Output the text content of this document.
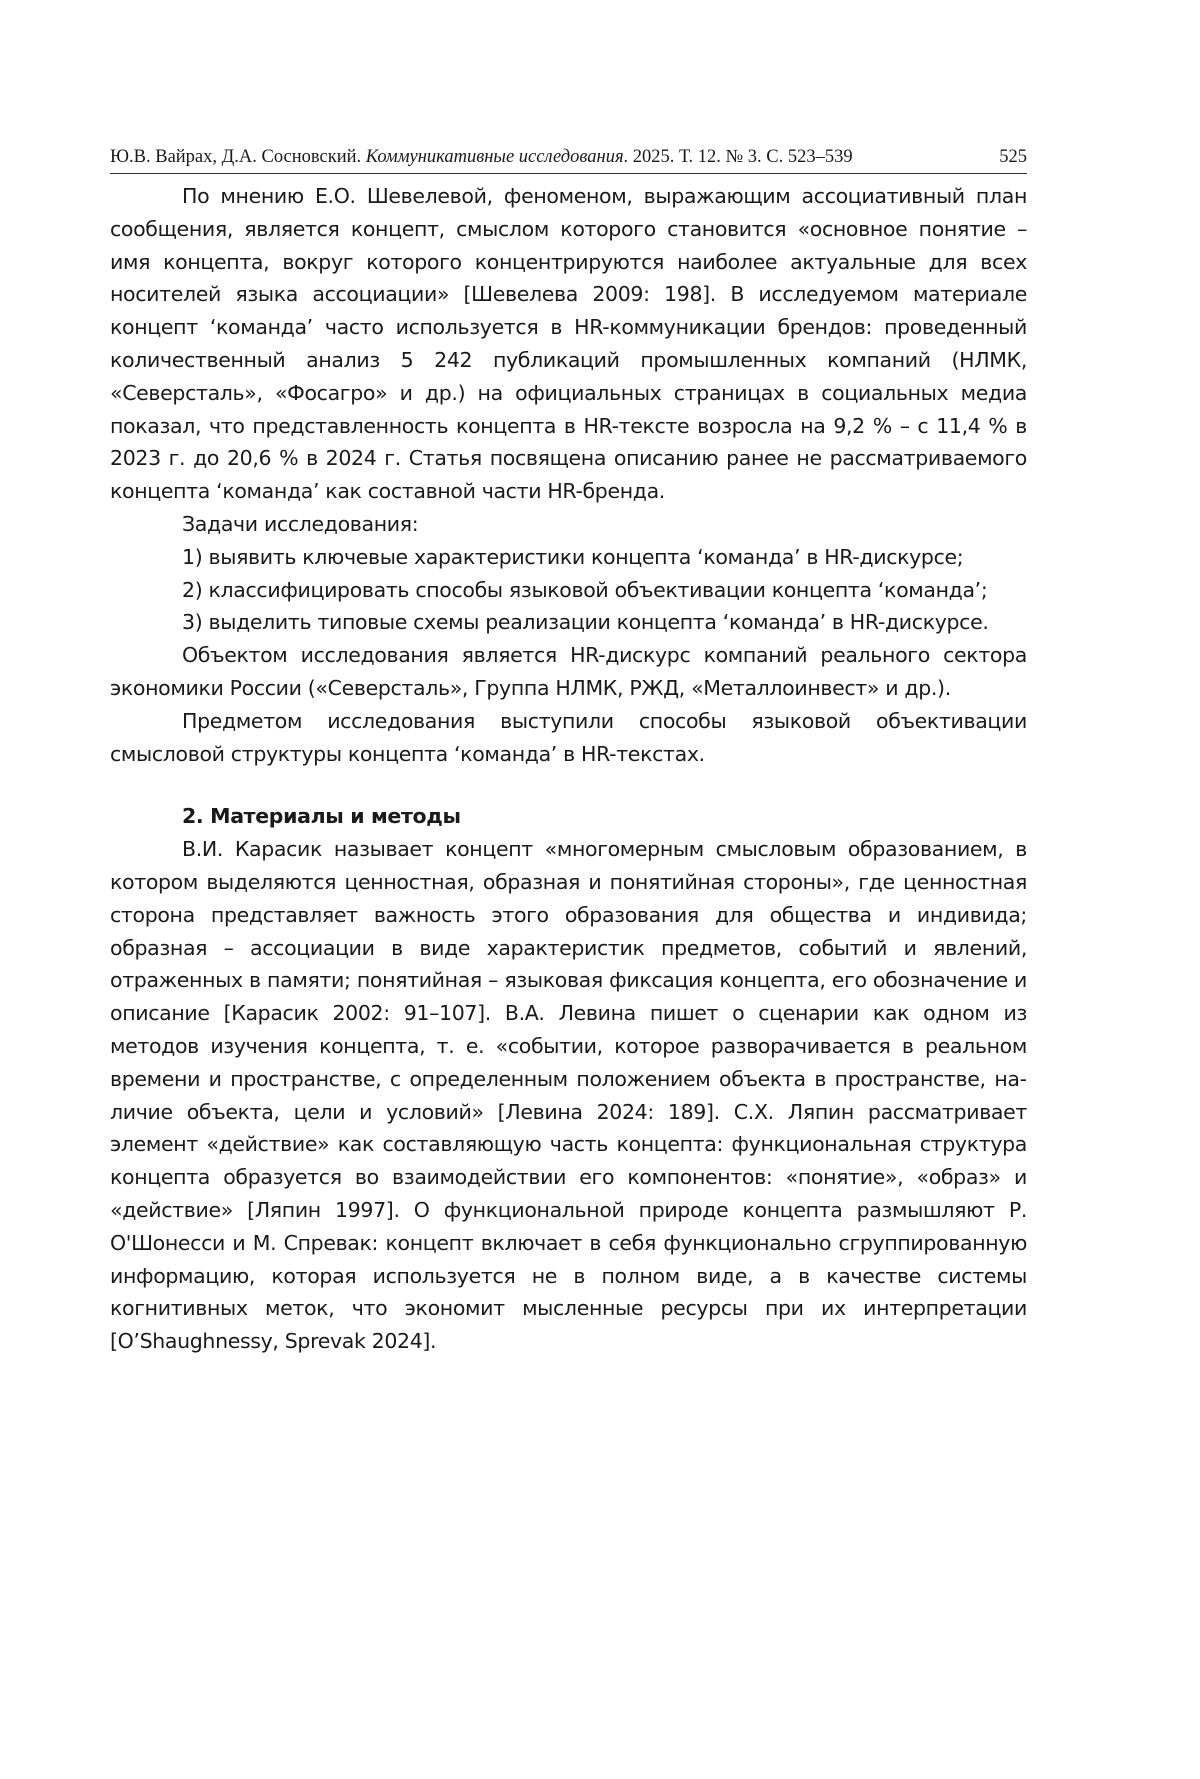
Ю.В. Вайрах, Д.А. Сосновский. Коммуникативные исследования. 2025. Т. 12. № 3. С. 523–539	525

По мнению Е.О. Шевелевой, феноменом, выражающим ассоциативный план сообщения, является концепт, смыслом которого становится «основное понятие – имя концепта, вокруг которого концентрируются наиболее актуальные для всех носителей языка ассоциации» [Шевелева 2009: 198]. В исследуемом материале концепт ‘команда’ часто используется в HR-коммуникации брендов: проведенный количественный анализ 5 242 публикаций промышленных компаний (НЛМК, «Северсталь», «Фосагро» и др.) на официальных страницах в социальных медиа показал, что представленность концепта в HR-тексте возросла на 9,2 % – с 11,4 % в 2023 г. до 20,6 % в 2024 г. Статья посвящена описанию ранее не рассматриваемого концепта ‘команда’ как составной части HR-бренда.

Задачи исследования:

1) выявить ключевые характеристики концепта ‘команда’ в HR-дискурсе;

2) классифицировать способы языковой объективации концепта ‘команда’;

3) выделить типовые схемы реализации концепта ‘команда’ в HR-дискурсе.

Объектом исследования является HR-дискурс компаний реального сектора экономики России («Северсталь», Группа НЛМК, РЖД, «Металлоинвест» и др.).

Предметом исследования выступили способы языковой объективации смысловой структуры концепта ‘команда’ в HR-текстах.

2. Материалы и методы

В.И. Карасик называет концепт «многомерным смысловым образованием, в котором выделяются ценностная, образная и понятийная стороны», где ценностная сторона представляет важность этого образования для общества и индивида; образная – ассоциации в виде характеристик предметов, событий и явлений, отраженных в памяти; понятийная – языковая фиксация концепта, его обозначение и описание [Карасик 2002: 91–107]. В.А. Левина пишет о сценарии как одном из методов изучения концепта, т. е. «событии, которое разворачивается в реальном времени и пространстве, с определенным положением объекта в пространстве, наличие объекта, цели и условий» [Левина 2024: 189]. С.Х. Ляпин рассматривает элемент «действие» как составляющую часть концепта: функциональная структура концепта образуется во взаимодействии его компонентов: «понятие», «образ» и «действие» [Ляпин 1997]. О функциональной природе концепта размышляют Р. О'Шонесси и М. Спревак: концепт включает в себя функционально сгруппированную информацию, которая используется не в полном виде, а в качестве системы когнитивных меток, что экономит мысленные ресурсы при их интерпретации [O’Shaughnessy, Sprevak 2024].
